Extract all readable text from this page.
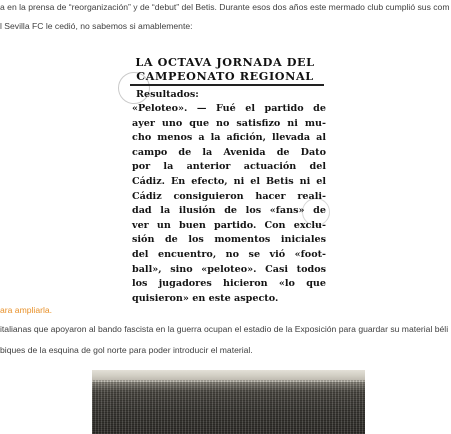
a en la prensa de “reorganización” y de “debut” del Betis. Durante esos dos años este mermado club cumplió sus com
l Sevilla FC le cedió, no sabemos si amablemente:
LA OCTAVA JORNADA DEL
CAMPEONATO REGIONAL
Resultados:
«Peloteo». — Fué el partido de
ayer uno que no satisfizo ni mu-
cho menos a la afición, llevada al
campo de la Avenida de Dato
por la anterior actuación del
Cádiz. En efecto, ni el Betis ni el
Cádiz consiguieron hacer reali-
dad la ilusión de los «fans» de
ver un buen partido. Con exclu-
sión de los momentos iniciales
del encuentro, no se vió «foot-
ball», sino «peloteo». Casi todos
los jugadores hicieron «lo que
quisieron» en este aspecto.
ara ampliarla.
italianas que apoyaron al bando fascista en la guerra ocupan el estadio de la Exposición para guardar su material béli
biques de la esquina de gol norte para poder introducir el material.
